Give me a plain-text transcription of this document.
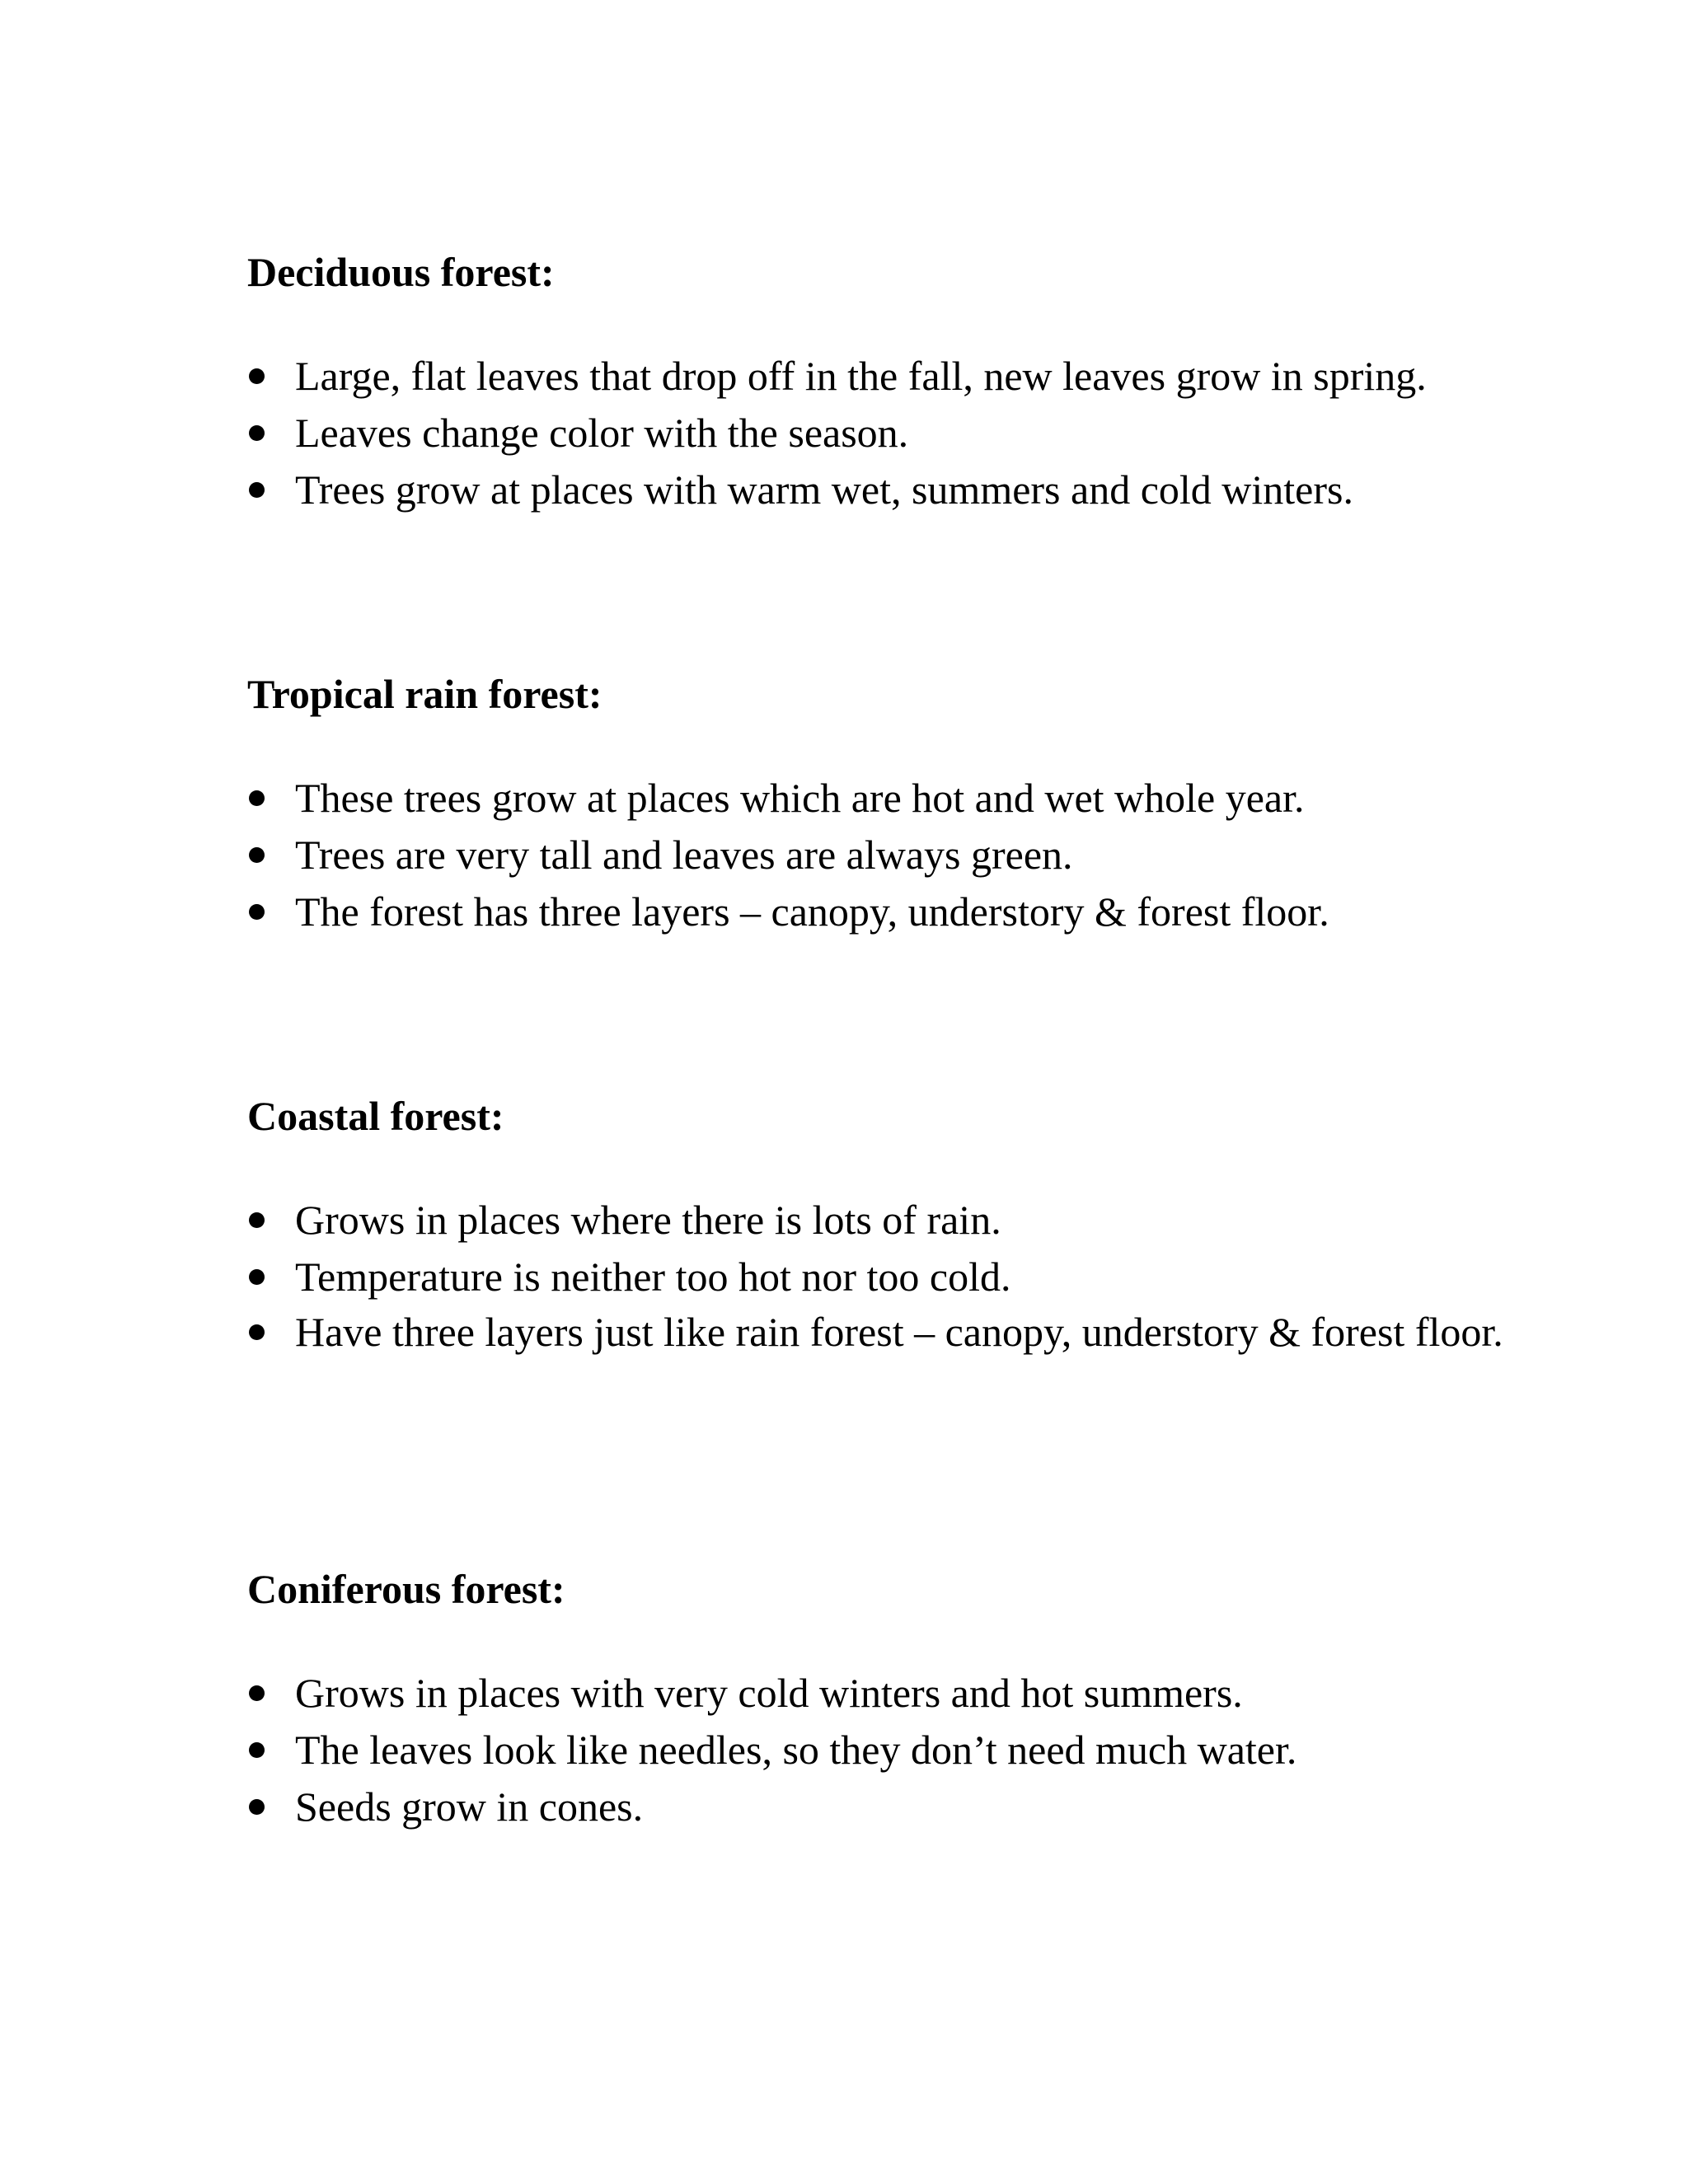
Deciduous forest:
Large, flat leaves that drop off in the fall, new leaves grow in spring.
Leaves change color with the season.
Trees grow at places with warm wet, summers and cold winters.
Tropical rain forest:
These trees grow at places which are hot and wet whole year.
Trees are very tall and leaves are always green.
The forest has three layers – canopy, understory & forest floor.
Coastal forest:
Grows in places where there is lots of rain.
Temperature is neither too hot nor too cold.
Have three layers just like rain forest – canopy, understory & forest floor.
Coniferous forest:
Grows in places with very cold winters and hot summers.
The leaves look like needles, so they don’t need much water.
Seeds grow in cones.
